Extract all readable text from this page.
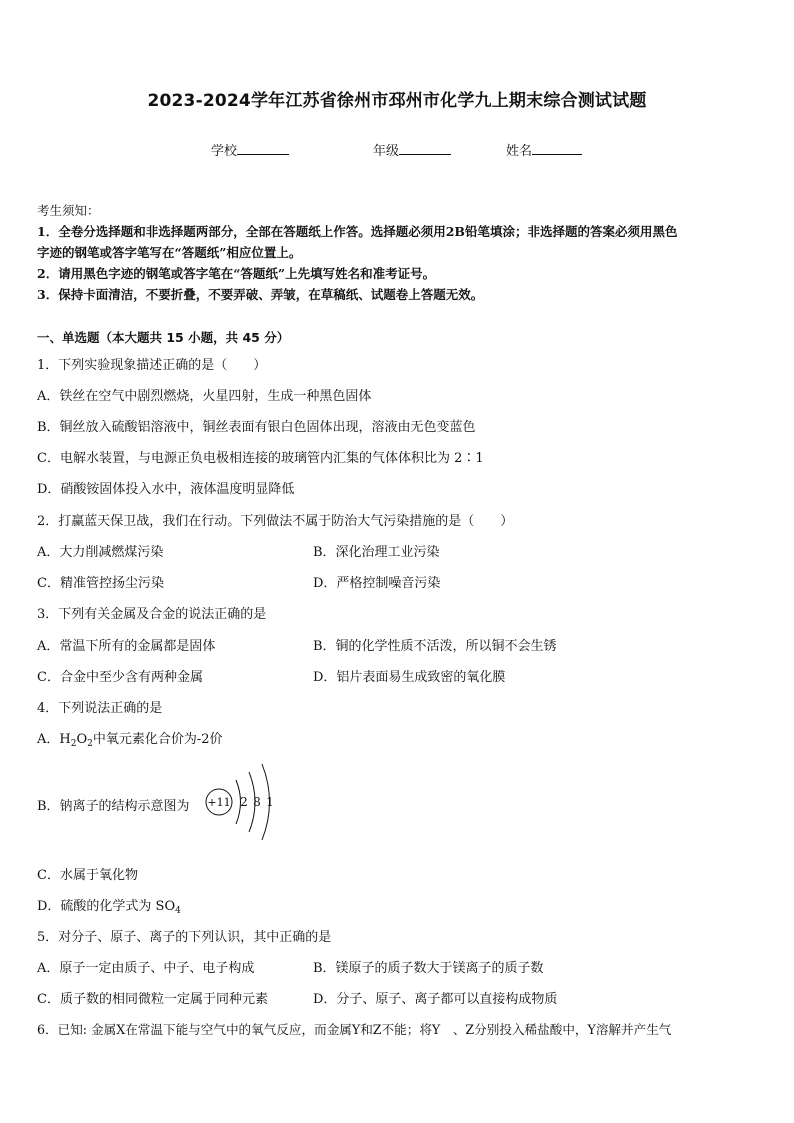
2023-2024学年江苏省徐州市邳州市化学九上期末综合测试试题
学校	年级	姓名
考生须知：
1．全卷分选择题和非选择题两部分，全部在答题纸上作答。选择题必须用2B铅笔填涂；非选择题的答案必须用黑色
字迹的钢笔或答字笔写在“答题纸”相应位置上。
2．请用黑色字迹的钢笔或答字笔在“答题纸”上先填写姓名和准考证号。
3．保持卡面清洁，不要折叠，不要弄破、弄皱，在草稿纸、试题卷上答题无效。
一、单选题（本大题共 15 小题，共 45 分）
1．下列实验现象描述正确的是（　　）
A．铁丝在空气中剧烈燃烧，火星四射，生成一种黑色固体
B．铜丝放入硫酸铝溶液中，铜丝表面有银白色固体出现，溶液由无色变蓝色
C．电解水装置，与电源正负电极相连接的玻璃管内汇集的气体体积比为 2∶1
D．硝酸铵固体投入水中，液体温度明显降低
2．打赢蓝天保卫战，我们在行动。下列做法不属于防治大气污染措施的是（　　）
A．大力削减燃煤污染	B．深化治理工业污染
C．精准管控扬尘污染	D．严格控制噪音污染
3．下列有关金属及合金的说法正确的是
A．常温下所有的金属都是固体	B．铜的化学性质不活泼，所以铜不会生锈
C．合金中至少含有两种金属	D．铝片表面易生成致密的氧化膜
4．下列说法正确的是
A．$H_2O_2$中氧元素化合价为-2价
B．钠离子的结构示意图为 +11 2 8 1
C．水属于氧化物
D．硫酸的化学式为 $SO_4$
5．对分子、原子、离子的下列认识，其中正确的是
A．原子一定由质子、中子、电子构成	B．镁原子的质子数大于镁离子的质子数
C．质子数的相同微粒一定属于同种元素	D．分子、原子、离子都可以直接构成物质
6．已知: 金属X在常温下能与空气中的氧气反应，而金属Y和Z不能；将Y　、Z分别投入稀盐酸中，Y溶解并产生气
